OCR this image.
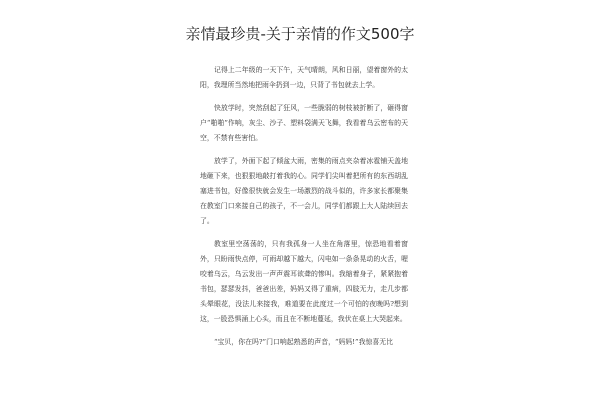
亲情最珍贵-关于亲情的作文500字

记得上二年级的一天下午，天气晴朗，风和日丽，望着窗外的太阳，我理所当然地把雨伞扔到一边，只背了书包就去上学。

快放学时，突然刮起了狂风，一些脆弱的树枝被折断了，砸得窗户“啪啪”作响，灰尘、沙子、塑料袋满天飞舞，我看着乌云密布的天空，不禁有些害怕。

放学了，外面下起了倾盆大雨，密集的雨点夹杂着冰雹铺天盖地地砸下来，也狠狠地敲打着我的心。同学们尖叫着把所有的东西胡乱塞进书包，好像很快就会发生一场激烈的战斗似的，许多家长都聚集在教室门口来接自己的孩子，不一会儿，同学们都跟上大人陆续回去了。

教室里空荡荡的，只有我孤身一人坐在角落里，惊恐地看着窗外，只盼雨快点停，可雨却越下越大，闪电如一条条晃动的火舌，喔咬着乌云，乌云发出一声声震耳欲聋的惨叫。我缩着身子，紧紧抱着书包，瑟瑟发抖，爸爸出差，妈妈又得了重病，四肢无力，走几步都头晕眼花，没法儿来接我，难道要在此度过一个可怕的夜晚吗?想到这，一股恐惧涌上心头，而且在不断地蔓延，我伏在桌上大哭起来。

“宝贝，你在吗?”门口响起熟悉的声音，“妈妈!”我惊喜无比
